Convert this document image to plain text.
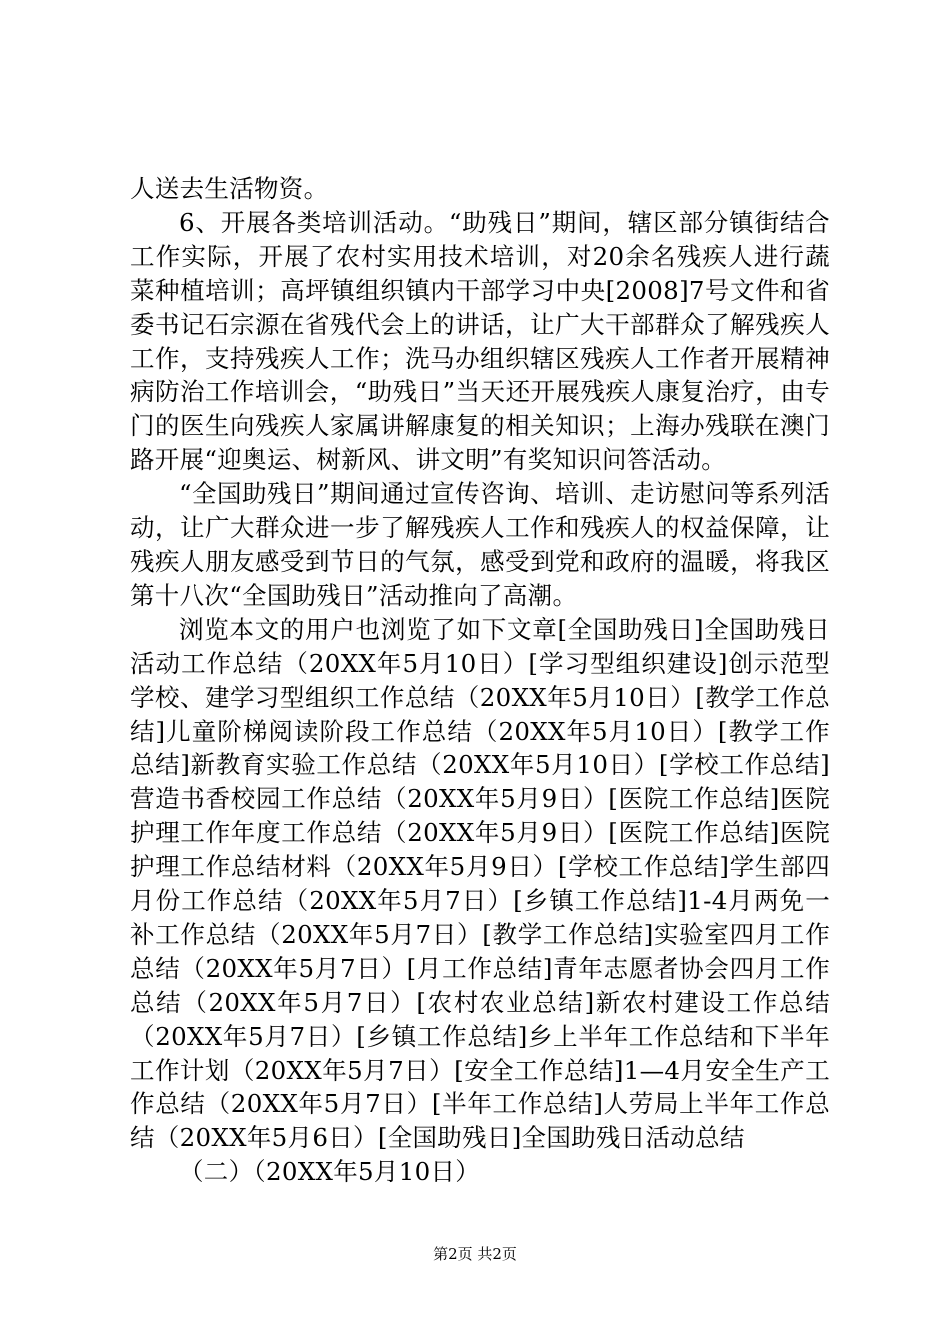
人送去生活物资。

6、开展各类培训活动。“助残日”期间，辖区部分镇街结合工作实际，开展了农村实用技术培训，对20余名残疾人进行蔬菜种植培训；高坪镇组织镇内干部学习中央[2008]7号文件和省委书记石宗源在省残代会上的讲话，让广大干部群众了解残疾人工作，支持残疾人工作；洗马办组织辖区残疾人工作者开展精神病防治工作培训会，“助残日”当天还开展残疾人康复治疗，由专门的医生向残疾人家属讲解康复的相关知识；上海办残联在澳门路开展“迎奥运、树新风、讲文明”有奖知识问答活动。

“全国助残日”期间通过宣传咨询、培训、走访慰问等系列活动，让广大群众进一步了解残疾人工作和残疾人的权益保障，让残疾人朋友感受到节日的气氛，感受到党和政府的温暖，将我区第十八次“全国助残日”活动推向了高潮。

浏览本文的用户也浏览了如下文章[全国助残日]全国助残日活动工作总结（20XX年5月10日）[学习型组织建设]创示范型学校、建学习型组织工作总结（20XX年5月10日）[教学工作总结]儿童阶梯阅读阶段工作总结（20XX年5月10日）[教学工作总结]新教育实验工作总结（20XX年5月10日）[学校工作总结]营造书香校园工作总结（20XX年5月9日）[医院工作总结]医院护理工作年度工作总结（20XX年5月9日）[医院工作总结]医院护理工作总结材料（20XX年5月9日）[学校工作总结]学生部四月份工作总结（20XX年5月7日）[乡镇工作总结]1-4月两免一补工作总结（20XX年5月7日）[教学工作总结]实验室四月工作总结（20XX年5月7日）[月工作总结]青年志愿者协会四月工作总结（20XX年5月7日）[农村农业总结]新农村建设工作总结（20XX年5月7日）[乡镇工作总结]乡上半年工作总结和下半年工作计划（20XX年5月7日）[安全工作总结]1—4月安全生产工作总结（20XX年5月7日）[半年工作总结]人劳局上半年工作总结（20XX年5月6日）[全国助残日]全国助残日活动总结

（二）（20XX年5月10日）

第2页 共2页
